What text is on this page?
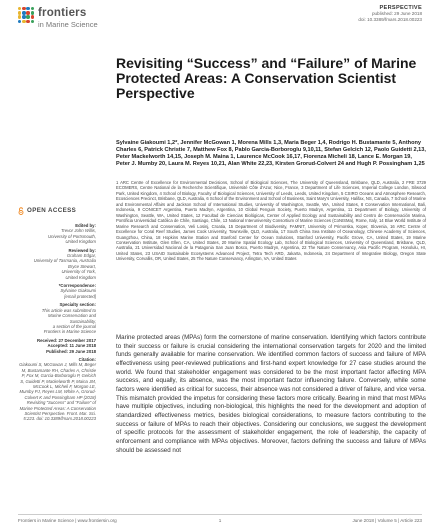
frontiers
in Marine Science
PERSPECTIVE
published: 29 June 2018
doi: 10.3389/fmars.2018.00223
Revisiting “Success” and “Failure” of Marine Protected Areas: A Conservation Scientist Perspective
Sylvaine Giakoumi 1,2*, Jennifer McGowan 1, Morena Mills 1,3, Maria Beger 1,4, Rodrigo H. Bustamante 5, Anthony Charles 6, Patrick Christie 7, Matthew Fox 8, Pablo Garcia-Borboroglu 9,10,11, Stefan Gelcich 12, Paolo Guidetti 2,13, Peter Mackelworth 14,15, Joseph M. Maina 1, Laurence McCook 16,17, Fiorenza Micheli 18, Lance E. Morgan 19, Peter J. Mumby 20, Laura M. Reyes 10,21, Alan White 22,23, Kirsten Grorud-Colvert 24 and Hugh P. Possingham 1,25
1 ARC Centre of Excellence for Environmental Decisions, School of Biological Sciences, The University of Queensland, Brisbane, QLD, Australia, 2 FRE 3729 ECOMERS, Centre National de la Recherche Scientifique, Université Côte d'Azur, Nice, France, 3 Department of Life Sciences, Imperial College London, Silwood Park, United Kingdom, 4 School of Biology, Faculty of Biological Sciences, University of Leeds, Leeds, United Kingdom, 5 CSIRO Oceans and Atmosphere Research, Ecosciences Precinct, Brisbane, QLD, Australia, 6 School of the Environment and School of Business, Saint Mary's University, Halifax, NS, Canada, 7 School of Marine and Environmental Affairs and Jackson School of International Studies, University of Washington, Seattle, WA, United States, 8 Conservation International, Bali, Indonesia, 9 CONICET Argentina, Puerto Madryn, Argentina, 10 Global Penguin Society, Puerto Madryn, Argentina, 11 Department of Biology, University of Washington, Seattle, WA, United States, 12 Facultad de Ciencias Biológicas, Center of Applied Ecology and Sustainability and Centro de Conservación Marina, Pontificia Universidad Católica de Chile, Santiago, Chile, 13 National Interuniversity Consortium of Marine Sciences (CoNISMa), Rome, Italy, 14 Blue World Institute of Marine Research and Conservation, Veli Losinj, Croatia, 15 Department of Biodiversity, FAMNIT, University of Primorska, Koper, Slovenia, 16 ARC Centre of Excellence for Coral Reef Studies, James Cook University, Townsville, QLD, Australia, 17 South China Sea Institute of Oceanology, Chinese Academy of Sciences, Guangzhou, China, 18 Hopkins Marine Station and Stanford Center for Ocean Solutions, Stanford University, Pacific Grove, CA, United States, 19 Marine Conservation Institute, Glen Ellen, CA, United States, 20 Marine Spatial Ecology Lab, School of Biological Sciences, University of Queensland, Brisbane, QLD, Australia, 21 Universidad Nacional de la Patagonia San Juan Bosco, Puerto Madryn, Argentina, 22 The Nature Conservancy, Asia Pacific Program, Honolulu, HI, United States, 23 USAID Sustainable Ecosystems Advanced Project, Tetra Tech ARD, Jakarta, Indonesia, 24 Department of Integrative Biology, Oregon State University, Corvallis, OR, United States, 25 The Nature Conservancy, Arlington, VA, United States
OPEN ACCESS

Edited by:

Trevor John Willis,

University of Portsmouth,

United Kingdom

Reviewed by:

Graham Edgar,

University of Tasmania, Australia

Bryce Stewart,

University of York,

United Kingdom

*Correspondence:

Sylvaine Giakoumi

[email protected]

Specialty section:

This article was submitted to

Marine Conservation and

Sustainability,

a section of the journal

Frontiers in Marine Science

Received: 27 December 2017

Accepted: 11 June 2018

Published: 29 June 2018

Citation:

Giakoumi S, McGowan J, Mills M, Beger M, Bustamante RH, Charles A, Christie P, Fox M, Garcia-Borboroglu P, Gelcich S, Guidetti P, Mackelworth P, Maina JM, McCook L, Micheli F, Morgan LE, Mumby PJ, Reyes LM, White A, Grorud-Colvert K and Possingham HP (2018) Revisiting “Success” and “Failure” of Marine Protected Areas: A Conservation Scientist Perspective. Front. Mar. Sci. 5:223. doi: 10.3389/fmars.2018.00223

Marine protected areas (MPAs) form the cornerstone of marine conservation. Identifying which factors contribute to their success or failure is crucial considering the international conservation targets for 2020 and the limited funds generally available for marine conservation. We identified common factors of success and failure of MPA effectiveness using peer-reviewed publications and first-hand expert knowledge for 27 case studies around the world. We found that stakeholder engagement was considered to be the most important factor affecting MPA success, and equally, its absence, was the most important factor influencing failure. Conversely, while some factors were identified as critical for success, their absence was not considered a driver of failure, and vice versa. This mismatch provided the impetus for considering these factors more critically. Bearing in mind that most MPAs have multiple objectives, including non-biological, this highlights the need for the development and adoption of standardized effectiveness metrics, besides biological considerations, to measure factors contributing to the success or failure of MPAs to reach their objectives. Considering our conclusions, we suggest the development of specific protocols for the assessment of stakeholder engagement, the role of leadership, the capacity of enforcement and compliance with MPAs objectives. Moreover, factors defining the success and failure of MPAs should be assessed not
Frontiers in Marine Science | www.frontiersin.org	1	June 2018 | Volume 5 | Article 223
